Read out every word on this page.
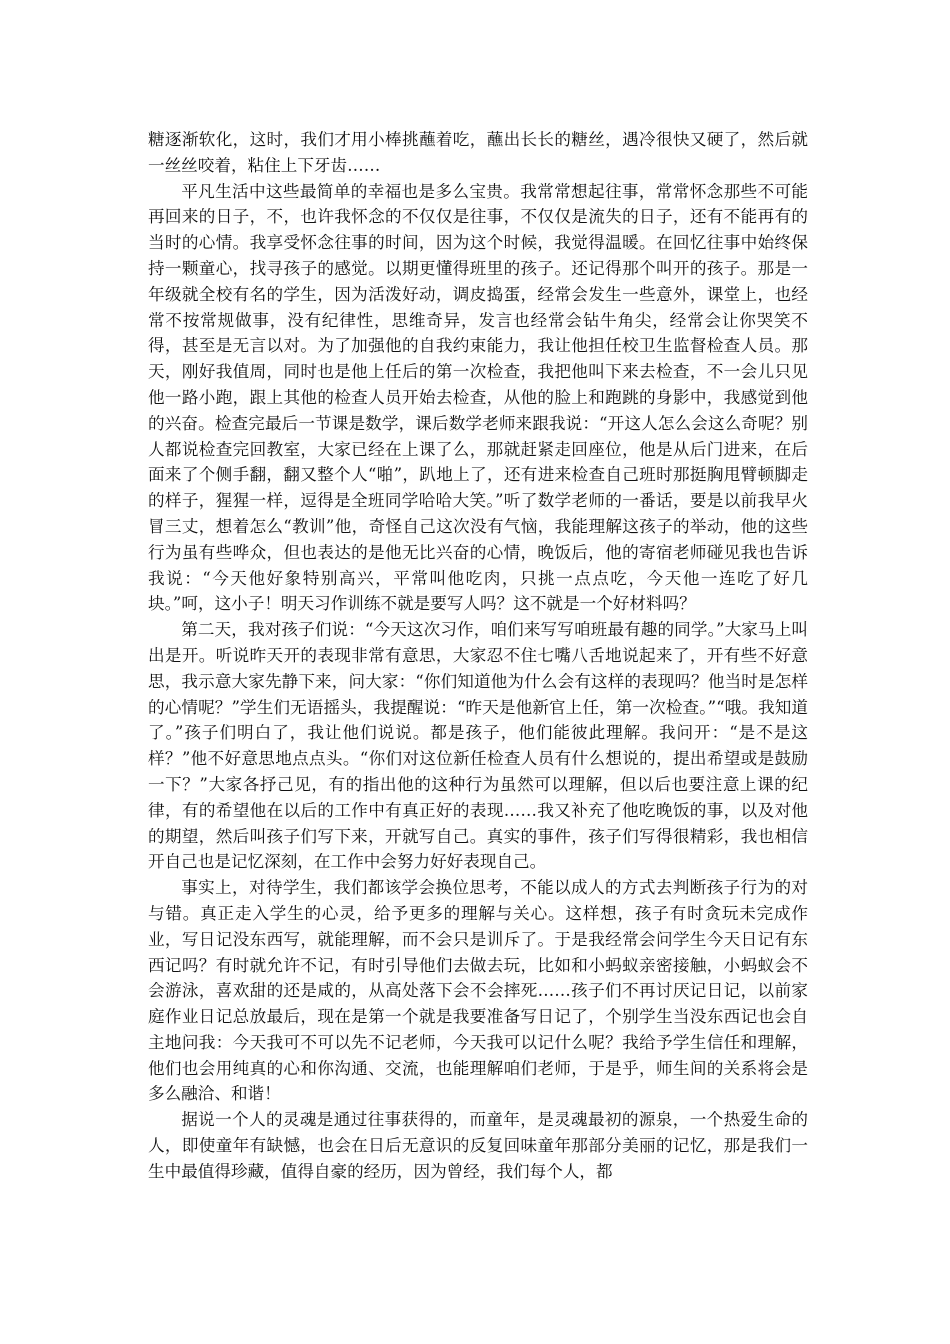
糖逐渐软化，这时，我们才用小棒挑蘸着吃，蘸出长长的糖丝，遇冷很快又硬了，然后就一丝丝咬着，粘住上下牙齿……

平凡生活中这些最简单的幸福也是多么宝贵。我常常想起往事，常常怀念那些不可能再回来的日子，不，也许我怀念的不仅仅是往事，不仅仅是流失的日子，还有不能再有的当时的心情。我享受怀念往事的时间，因为这个时候，我觉得温暖。在回忆往事中始终保持一颗童心，找寻孩子的感觉。以期更懂得班里的孩子。还记得那个叫开的孩子。那是一年级就全校有名的学生，因为活泼好动，调皮捣蛋，经常会发生一些意外，课堂上，也经常不按常规做事，没有纪律性，思维奇异，发言也经常会钻牛角尖，经常会让你哭笑不得，甚至是无言以对。为了加强他的自我约束能力，我让他担任校卫生监督检查人员。那天，刚好我值周，同时也是他上任后的第一次检查，我把他叫下来去检查，不一会儿只见他一路小跑，跟上其他的检查人员开始去检查，从他的脸上和跑跳的身影中，我感觉到他的兴奋。检查完最后一节课是数学，课后数学老师来跟我说：“开这人怎么会这么奇呢？别人都说检查完回教室，大家已经在上课了么，那就赶紧走回座位，他是从后门进来，在后面来了个侧手翻，翻又整个人“啪”，趴地上了，还有进来检查自己班时那挺胸甩臂顿脚走的样子，猩猩一样，逗得是全班同学哈哈大笑。”听了数学老师的一番话，要是以前我早火冒三丈，想着怎么“教训”他，奇怪自己这次没有气恼，我能理解这孩子的举动，他的这些行为虽有些哗众，但也表达的是他无比兴奋的心情，晚饭后，他的寄宿老师碰见我也告诉我说：“今天他好象特别高兴，平常叫他吃肉，只挑一点点吃，今天他一连吃了好几块。”呵，这小子！明天习作训练不就是要写人吗？这不就是一个好材料吗？

第二天，我对孩子们说：“今天这次习作，咱们来写写咱班最有趣的同学。”大家马上叫出是开。听说昨天开的表现非常有意思，大家忍不住七嘴八舌地说起来了，开有些不好意思，我示意大家先静下来，问大家：“你们知道他为什么会有这样的表现吗？他当时是怎样的心情呢？”学生们无语摇头，我提醒说：“昨天是他新官上任，第一次检查。”“哦。我知道了。”孩子们明白了，我让他们说说。都是孩子，他们能彼此理解。我问开：“是不是这样？”他不好意思地点点头。“你们对这位新任检查人员有什么想说的，提出希望或是鼓励一下？”大家各抒己见，有的指出他的这种行为虽然可以理解，但以后也要注意上课的纪律，有的希望他在以后的工作中有真正好的表现……我又补充了他吃晚饭的事，以及对他的期望，然后叫孩子们写下来，开就写自己。真实的事件，孩子们写得很精彩，我也相信开自己也是记忆深刻，在工作中会努力好好表现自己。

事实上，对待学生，我们都该学会换位思考，不能以成人的方式去判断孩子行为的对与错。真正走入学生的心灵，给予更多的理解与关心。这样想，孩子有时贪玩未完成作业，写日记没东西写，就能理解，而不会只是训斥了。于是我经常会问学生今天日记有东西记吗？有时就允许不记，有时引导他们去做去玩，比如和小蚂蚁亲密接触，小蚂蚁会不会游泳，喜欢甜的还是咸的，从高处落下会不会摔死……孩子们不再讨厌记日记，以前家庭作业日记总放最后，现在是第一个就是我要准备写日记了，个别学生当没东西记也会自主地问我：今天我可不可以先不记老师，今天我可以记什么呢？我给予学生信任和理解，他们也会用纯真的心和你沟通、交流，也能理解咱们老师，于是乎，师生间的关系将会是多么融洽、和谐！

据说一个人的灵魂是通过往事获得的，而童年，是灵魂最初的源泉，一个热爱生命的人，即使童年有缺憾，也会在日后无意识的反复回味童年那部分美丽的记忆，那是我们一生中最值得珍藏，值得自豪的经历，因为曾经，我们每个人，都
